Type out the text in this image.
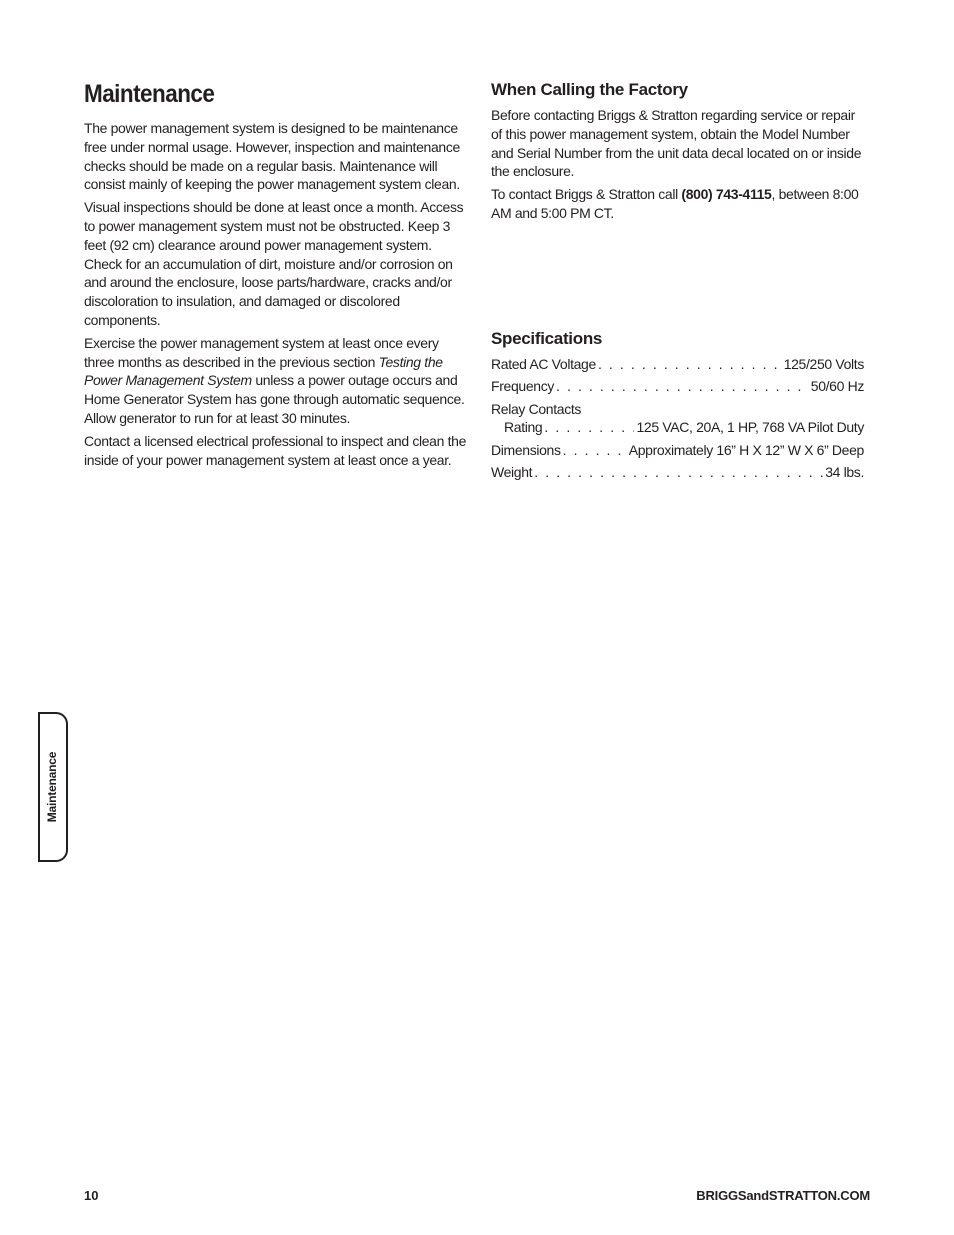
Maintenance

The power management system is designed to be maintenance free under normal usage. However, inspection and maintenance checks should be made on a regular basis. Maintenance will consist mainly of keeping the power management system clean.

Visual inspections should be done at least once a month. Access to power management system must not be obstructed. Keep 3 feet (92 cm) clearance around power management system. Check for an accumulation of dirt, moisture and/or corrosion on and around the enclosure, loose parts/hardware, cracks and/or discoloration to insulation, and damaged or discolored components.

Exercise the power management system at least once every three months as described in the previous section Testing the Power Management System unless a power outage occurs and Home Generator System has gone through automatic sequence. Allow generator to run for at least 30 minutes.

Contact a licensed electrical professional to inspect and clean the inside of your power management system at least once a year.

When Calling the Factory

Before contacting Briggs & Stratton regarding service or repair of this power management system, obtain the Model Number and Serial Number from the unit data decal located on or inside the enclosure.

To contact Briggs & Stratton call (800) 743-4115, between 8:00 AM and 5:00 PM CT.

Specifications
Rated AC Voltage . . .	125/250 Volts
Frequency . . .	50/60 Hz

Relay Contacts

Rating . . .	125 VAC, 20A, 1 HP, 768 VA Pilot Duty
Dimensions . . .	Approximately 16” H X 12” W X 6” Deep
Weight . . .	34 lbs.
Maintenance
10	BRIGGSandSTRATTON.COM
